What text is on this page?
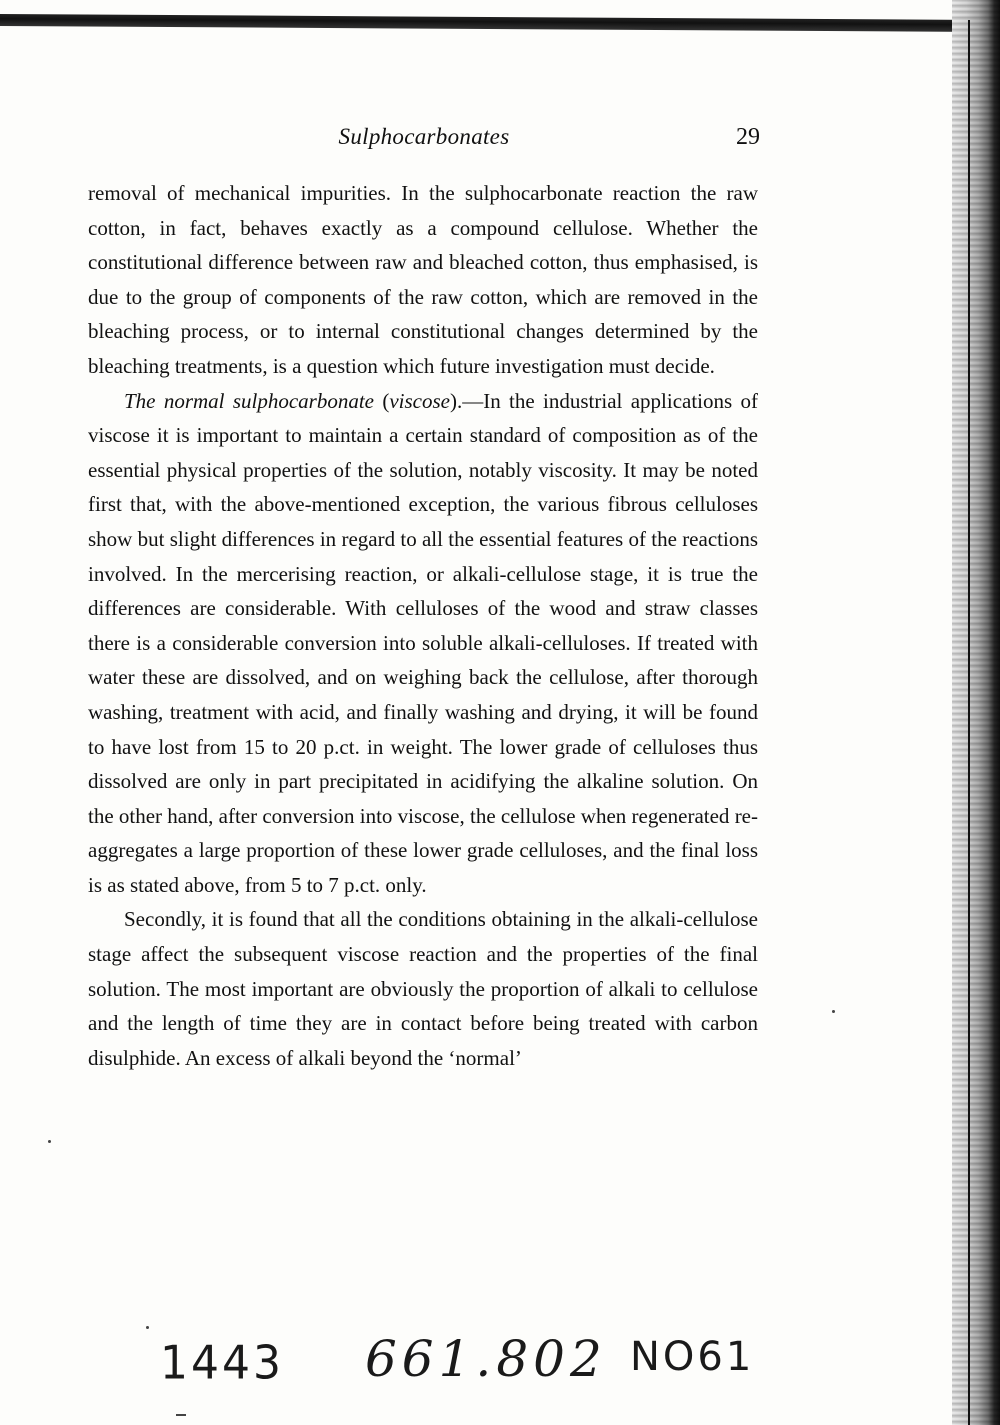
Sulphocarbonates	29

removal of mechanical impurities. In the sulphocarbonate reaction the raw cotton, in fact, behaves exactly as a compound cellulose. Whether the constitutional difference between raw and bleached cotton, thus emphasised, is due to the group of components of the raw cotton, which are removed in the bleaching process, or to internal constitutional changes determined by the bleaching treatments, is a question which future investigation must decide.

The normal sulphocarbonate (viscose).—In the industrial applications of viscose it is important to maintain a certain standard of composition as of the essential physical properties of the solution, notably viscosity. It may be noted first that, with the above-mentioned exception, the various fibrous celluloses show but slight differences in regard to all the essential features of the reactions involved. In the mercerising reaction, or alkali-cellulose stage, it is true the differences are considerable. With celluloses of the wood and straw classes there is a considerable conversion into soluble alkali-celluloses. If treated with water these are dissolved, and on weighing back the cellulose, after thorough washing, treatment with acid, and finally washing and drying, it will be found to have lost from 15 to 20 p.ct. in weight. The lower grade of celluloses thus dissolved are only in part precipitated in acidifying the alkaline solution. On the other hand, after conversion into viscose, the cellulose when regenerated re-aggregates a large proportion of these lower grade celluloses, and the final loss is as stated above, from 5 to 7 p.ct. only.

Secondly, it is found that all the conditions obtaining in the alkali-cellulose stage affect the subsequent viscose reaction and the properties of the final solution. The most important are obviously the proportion of alkali to cellulose and the length of time they are in contact before being treated with carbon disulphide. An excess of alkali beyond the ‘normal’

1443 661.802 NO61
